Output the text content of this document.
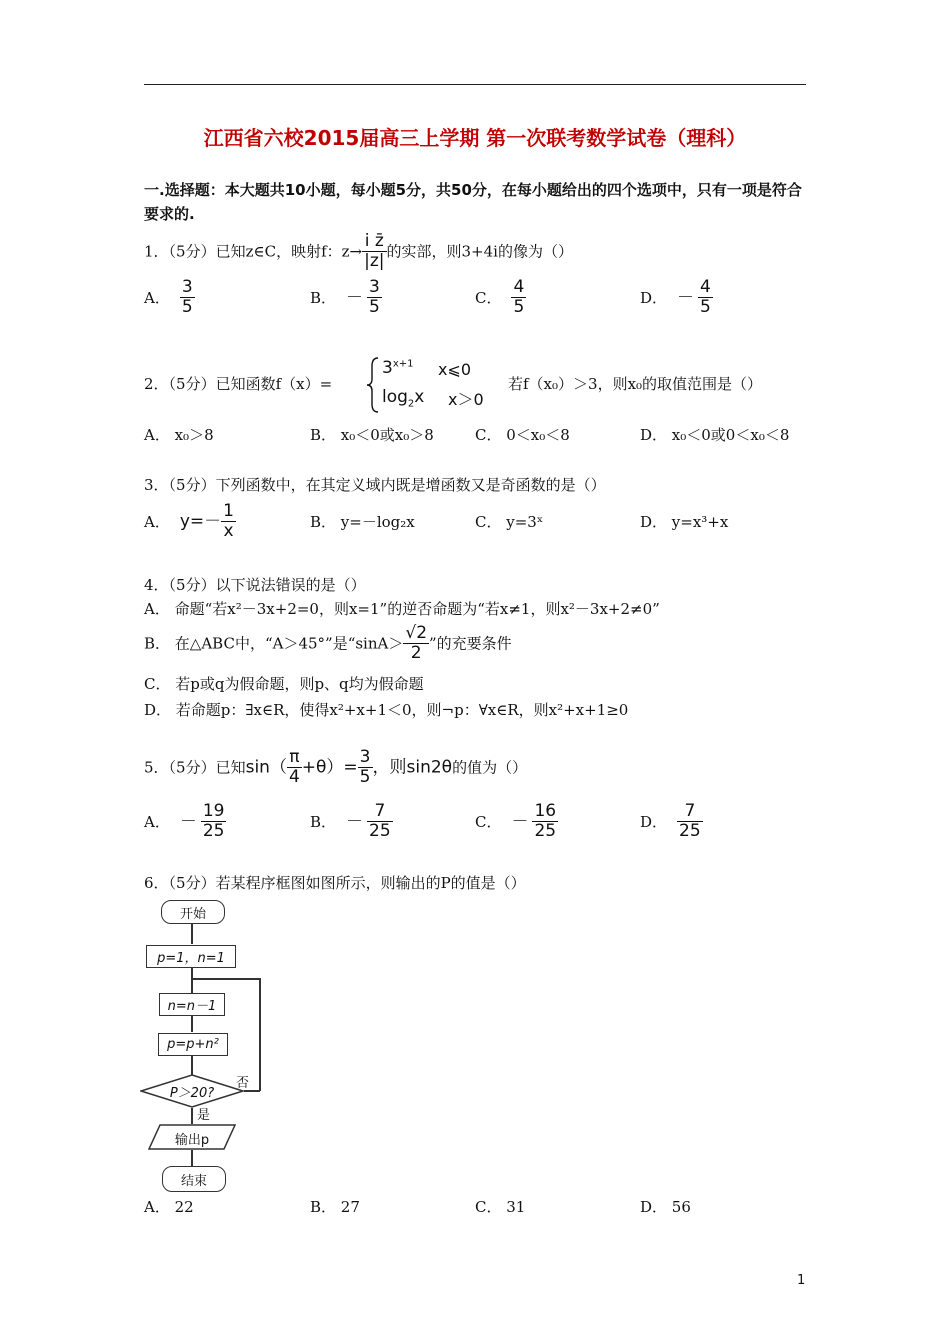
江西省六校2015届高三上学期 第一次联考数学试卷（理科）
一.选择题：本大题共10小题，每小题5分，共50分，在每小题给出的四个选项中，只有一项是符合要求的.
1．（5分）已知z∈C，映射f：$z\to \frac{\text{i z̄}}{|z|}$ 的实部，则3+4i的像为（）
A． $\frac{3}{5}$	B． － $\frac{3}{5}$	C． $\frac{4}{5}$	D． － $\frac{4}{5}$
2．（5分）已知函数f（x）=
$3^{x+1}$ x⩽0
$\log_2x$ x＞0
若f（x₀）＞3，则x₀的取值范围是（）
A． x₀＞8	B． x₀＜0或x₀＞8	C． 0＜x₀＜8	D． x₀＜0或0＜x₀＜8
3．（5分）下列函数中，在其定义域内既是增函数又是奇函数的是（）
A． $y=- \frac{1}{x}$	B． y=－log₂x	C． y=3ˣ	D． y=x³+x
4．（5分）以下说法错误的是（）
A． 命题“若x²－3x+2=0，则x=1”的逆否命题为“若x≠1，则x²－3x+2≠0”
B． 在△ABC中，“A＞45°”是“$\sin A> \frac{√2}{2}$ ”的充要条件
C． 若p或q为假命题，则p、q均为假命题
D． 若命题p：∃x∈R，使得x²+x+1＜0，则¬p：∀x∈R，则x²+x+1≥0
5．（5分）已知$\sin( \frac{\pi}{4} +\theta)= \frac{3}{5}$ ，则sin2θ的值为（）
A． － $\frac{19}{25}$	B． － $\frac{7}{25}$	C． － $\frac{16}{25}$	D． $\frac{7}{25}$
6．（5分）若某程序框图如图所示，则输出的P的值是（）
开始
p=1，n=1
n=n－1
p=p+n²
P＞20?
否
是
输出p
结束
A． 22	B． 27	C． 31	D． 56
1
